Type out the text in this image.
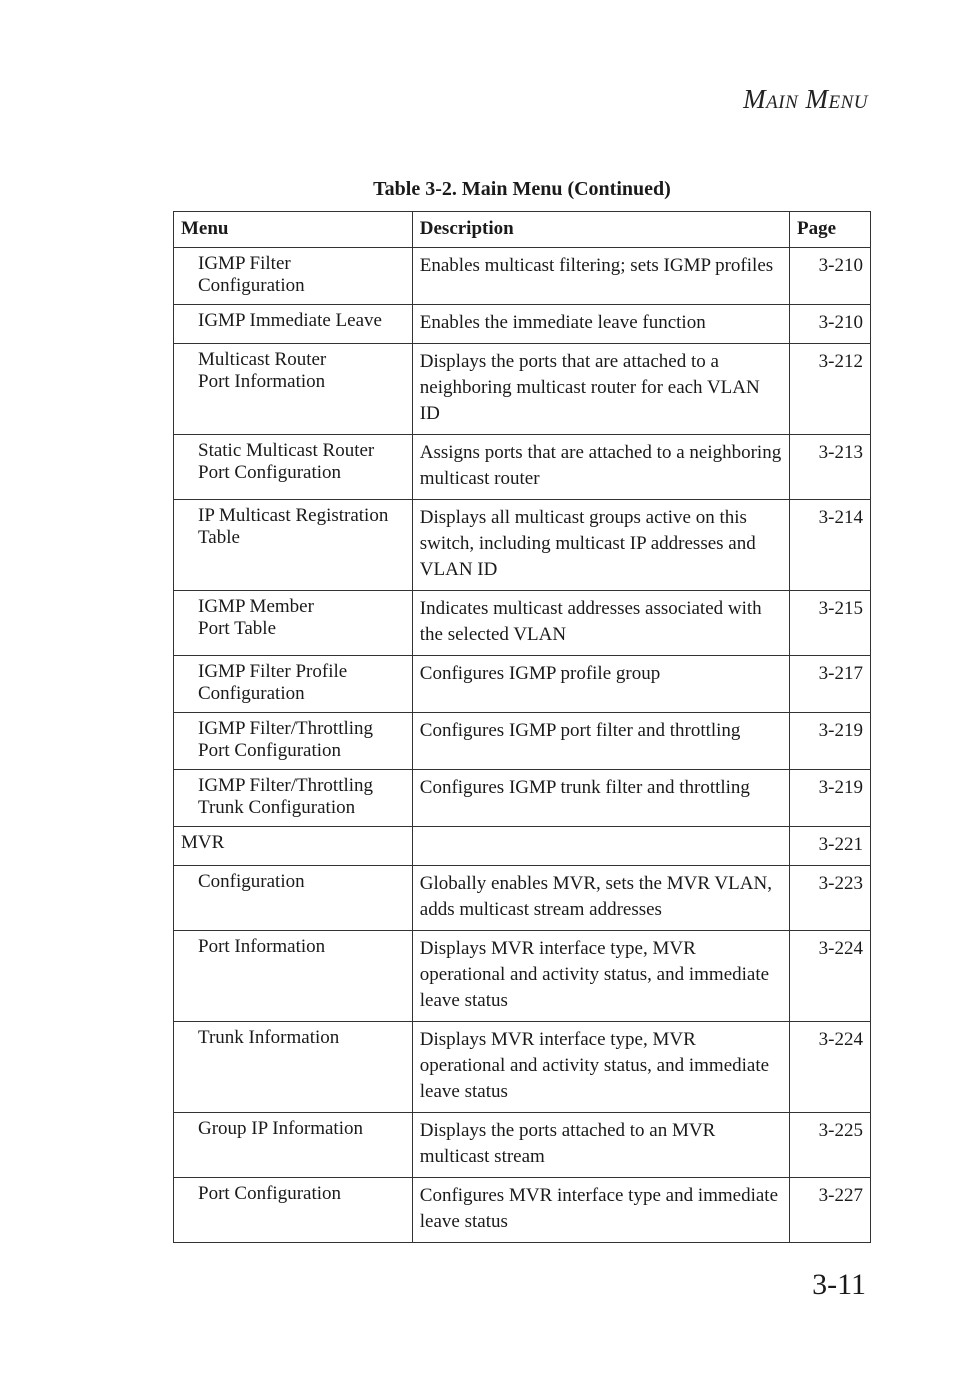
Main Menu
Table 3-2. Main Menu (Continued)
Menu	Description	Page

IGMP Filter
Configuration	Enables multicast filtering; sets IGMP profiles	3-210

IGMP Immediate Leave	Enables the immediate leave function	3-210

Multicast Router
Port Information	Displays the ports that are attached to a neighboring multicast router for each VLAN ID	3-212

Static Multicast Router
Port Configuration	Assigns ports that are attached to a neighboring multicast router	3-213

IP Multicast Registration
Table	Displays all multicast groups active on this switch, including multicast IP addresses and VLAN ID	3-214

IGMP Member
Port Table	Indicates multicast addresses associated with the selected VLAN	3-215

IGMP Filter Profile
Configuration	Configures IGMP profile group	3-217

IGMP Filter/Throttling
Port Configuration	Configures IGMP port filter and throttling	3-219

IGMP Filter/Throttling
Trunk Configuration	Configures IGMP trunk filter and throttling	3-219

MVR		3-221

Configuration	Globally enables MVR, sets the MVR VLAN, adds multicast stream addresses	3-223

Port Information	Displays MVR interface type, MVR operational and activity status, and immediate leave status	3-224

Trunk Information	Displays MVR interface type, MVR operational and activity status, and immediate leave status	3-224

Group IP Information	Displays the ports attached to an MVR multicast stream	3-225

Port Configuration	Configures MVR interface type and immediate leave status	3-227
3-11
